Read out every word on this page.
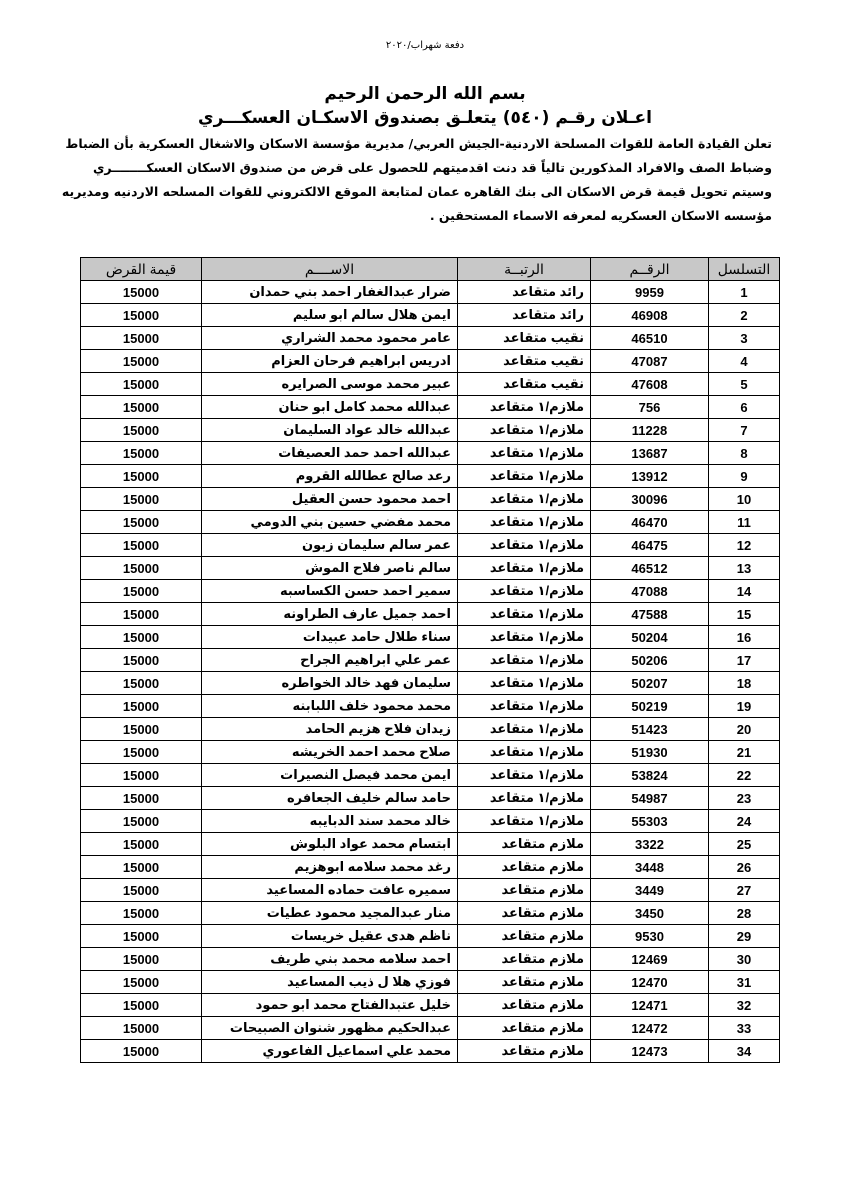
دفعة شهراب/٢٠٢٠
بسم الله الرحمن الرحيم
اعـلان رقـم (٥٤٠) يتعلـق بصندوق الاسكـان العسكـــري

تعلن القيادة العامة للقوات المسلحة الاردنية-الجيش العربي/ مديرية مؤسسة الاسكان والاشغال العسكرية بأن الضباط

وضباط الصف والافراد المذكورين تالياً قد دنت اقدميتهم للحصول على قرض من صندوق الاسكان العسكــــــــري

وسيتم تحويل قيمة قرض الاسكان الى بنك القاهره عمان لمتابعة الموقع الالكتروني للقوات المسلحه الاردنيه ومديريه

مؤسسه الاسكان العسكريه لمعرفه الاسماء المستحقين .

التسلسل	الرقــم	الرتبــة	الاســــم	قيمة القرض
1	9959	رائد متقاعد	ضرار عبدالغفار احمد بني حمدان	15000
2	46908	رائد متقاعد	ايمن هلال سالم ابو سليم	15000
3	46510	نقيب متقاعد	عامر محمود محمد الشراري	15000
4	47087	نقيب متقاعد	ادريس ابراهيم فرحان العزام	15000
5	47608	نقيب متقاعد	عبير محمد موسى الصرايره	15000
6	756	ملازم/١ متقاعد	عبدالله محمد كامل ابو حنان	15000
7	11228	ملازم/١ متقاعد	عبدالله خالد عواد السليمان	15000
8	13687	ملازم/١ متقاعد	عبدالله احمد حمد العصيفات	15000
9	13912	ملازم/١ متقاعد	رعد صالح عطالله القروم	15000
10	30096	ملازم/١ متقاعد	احمد محمود حسن العقيل	15000
11	46470	ملازم/١ متقاعد	محمد مفضي حسين بني الدومي	15000
12	46475	ملازم/١ متقاعد	عمر سالم سليمان زبون	15000
13	46512	ملازم/١ متقاعد	سالم ناصر فلاح الموش	15000
14	47088	ملازم/١ متقاعد	سمير احمد حسن الكساسبه	15000
15	47588	ملازم/١ متقاعد	احمد جميل عارف الطراونه	15000
16	50204	ملازم/١ متقاعد	سناء طلال حامد عبيدات	15000
17	50206	ملازم/١ متقاعد	عمر علي ابراهيم الجراح	15000
18	50207	ملازم/١ متقاعد	سليمان فهد خالد الخواطره	15000
19	50219	ملازم/١ متقاعد	محمد محمود خلف اللبابنه	15000
20	51423	ملازم/١ متقاعد	زيدان فلاح هزيم الحامد	15000
21	51930	ملازم/١ متقاعد	صلاح محمد احمد الخريشه	15000
22	53824	ملازم/١ متقاعد	ايمن محمد فيصل النصيرات	15000
23	54987	ملازم/١ متقاعد	حامد سالم خليف الجعافره	15000
24	55303	ملازم/١ متقاعد	خالد محمد سند الدبايبه	15000
25	3322	ملازم متقاعد	ابتسام محمد عواد البلوش	15000
26	3448	ملازم متقاعد	رغد محمد سلامه ابوهزيم	15000
27	3449	ملازم متقاعد	سميره عافت حماده المساعيد	15000
28	3450	ملازم متقاعد	منار عبدالمجيد محمود عطيات	15000
29	9530	ملازم متقاعد	ناظم هدى عقيل خريسات	15000
30	12469	ملازم متقاعد	احمد سلامه محمد بني طريف	15000
31	12470	ملازم متقاعد	فوزي هلا ل ذيب المساعيد	15000
32	12471	ملازم متقاعد	خليل عتبدالفتاح محمد ابو حمود	15000
33	12472	ملازم متقاعد	عبدالحكيم مظهور شنوان الصبيحات	15000
34	12473	ملازم متقاعد	محمد علي اسماعيل الفاعوري	15000
